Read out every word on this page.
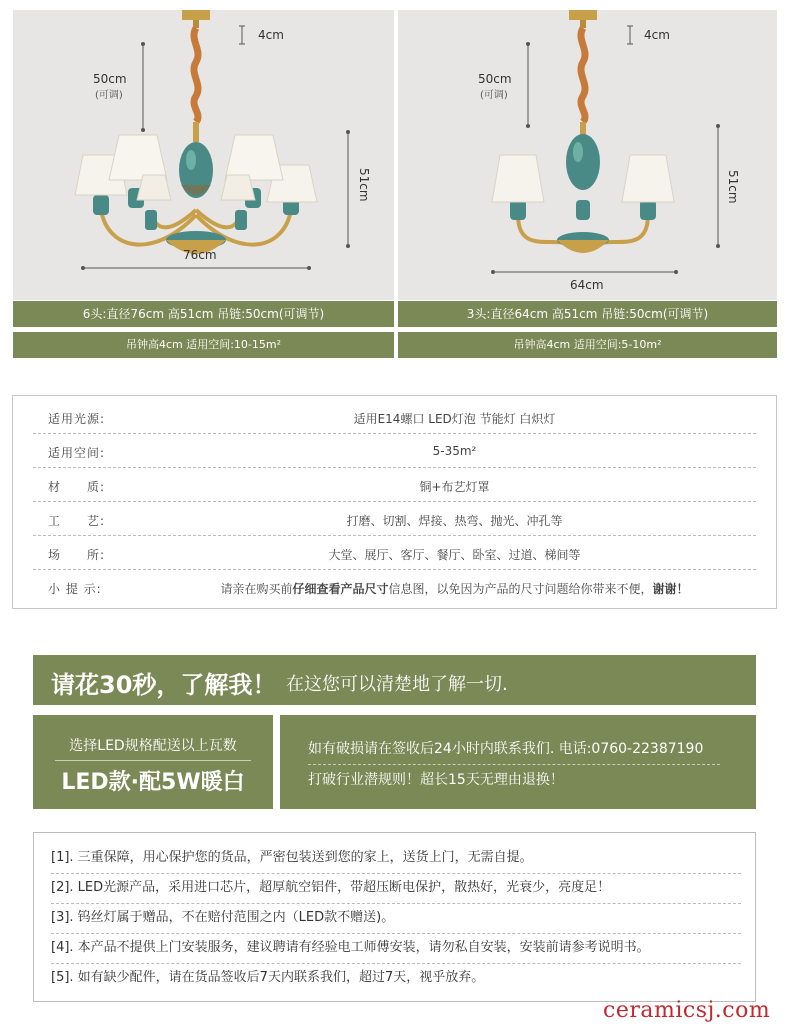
4cm
50cm
(可调)
51cm
76cm
6头:直径76cm 高51cm 吊链:50cm(可调节)
吊钟高4cm 适用空间:10-15m²
4cm
50cm
(可调)
51cm
64cm
3头:直径64cm 高51cm 吊链:50cm(可调节)
吊钟高4cm 适用空间:5-10m²
适用光源:	适用E14螺口 LED灯泡 节能灯 白炽灯
适用空间:	5-35m²
材　　质:	铜+布艺灯罩
工　　艺:	打磨、切割、焊接、热弯、抛光、冲孔等
场　　所:	大堂、展厅、客厅、餐厅、卧室、过道、梯间等
小 提 示:	请亲在购买前仔细查看产品尺寸信息图，以免因为产品的尺寸问题给你带来不便，谢谢！
请花30秒，了解我！ 在这您可以清楚地了解一切.
选择LED规格配送以上瓦数
LED款·配5W暖白
如有破损请在签收后24小时内联系我们. 电话:0760-22387190
打破行业潜规则！超长15天无理由退换！
[1]. 三重保障，用心保护您的货品，严密包装送到您的家上，送货上门，无需自提。
[2]. LED光源产品，采用进口芯片，超厚航空铝件，带超压断电保护，散热好，光衰少，亮度足！
[3]. 钨丝灯属于赠品，不在赔付范围之内（LED款不赠送)。
[4]. 本产品不提供上门安装服务，建议聘请有经验电工师傅安装，请勿私自安装，安装前请参考说明书。
[5]. 如有缺少配件，请在货品签收后7天内联系我们，超过7天，视乎放弃。
ceramicsj.com
